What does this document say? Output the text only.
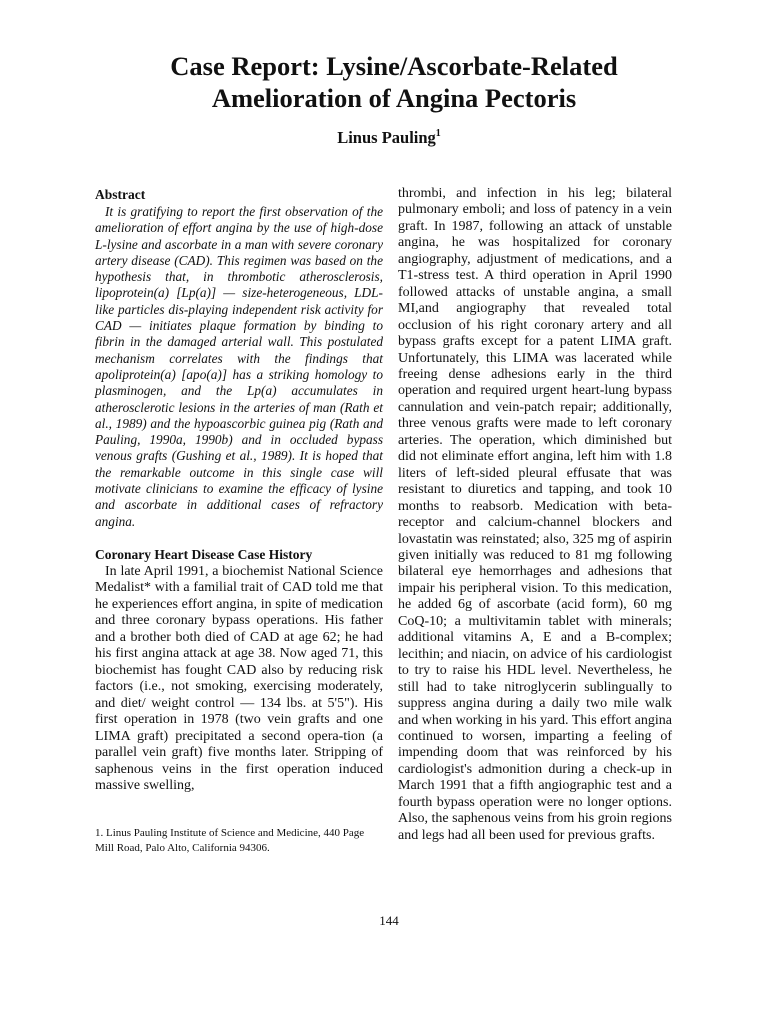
Case Report: Lysine/Ascorbate-Related
Amelioration of Angina Pectoris

Linus Pauling$^1$

Abstract

It is gratifying to report the first observation of the amelioration of effort angina by the use of high-dose L-lysine and ascorbate in a man with severe coronary artery disease (CAD). This regimen was based on the hypothesis that, in thrombotic atherosclerosis, lipoprotein(a) [Lp(a)] — size-heterogeneous, LDL-like particles dis-playing independent risk activity for CAD — initiates plaque formation by binding to fibrin in the damaged arterial wall. This postulated mechanism correlates with the findings that apoliprotein(a) [apo(a)] has a striking homology to plasminogen, and the Lp(a) accumulates in atherosclerotic lesions in the arteries of man (Rath et al., 1989) and the hypoascorbic guinea pig (Rath and Pauling, 1990a, 1990b) and in occluded bypass venous grafts (Gushing et al., 1989). It is hoped that the remarkable outcome in this single case will motivate clinicians to examine the efficacy of lysine and ascorbate in additional cases of refractory angina.

Coronary Heart Disease Case History

In late April 1991, a biochemist National Science Medalist* with a familial trait of CAD told me that he experiences effort angina, in spite of medication and three coronary bypass operations. His father and a brother both died of CAD at age 62; he had his first angina attack at age 38. Now aged 71, this biochemist has fought CAD also by reducing risk factors (i.e., not smoking, exercising moderately, and diet/ weight control — 134 lbs. at 5'5"). His first operation in 1978 (two vein grafts and one LIMA graft) precipitated a second opera-tion (a parallel vein graft) five months later. Stripping of saphenous veins in the first operation induced massive swelling,

thrombi, and infection in his leg; bilateral pulmonary emboli; and loss of patency in a vein graft. In 1987, following an attack of unstable angina, he was hospitalized for coronary angiography, adjustment of medications, and a T1-stress test. A third operation in April 1990 followed attacks of unstable angina, a small MI,and angiography that revealed total occlusion of his right coronary artery and all bypass grafts except for a patent LIMA graft. Unfortunately, this LIMA was lacerated while freeing dense adhesions early in the third operation and required urgent heart-lung bypass cannulation and vein-patch repair; additionally, three venous grafts were made to left coronary arteries. The operation, which diminished but did not eliminate effort angina, left him with 1.8 liters of left-sided pleural effusate that was resistant to diuretics and tapping, and took 10 months to reabsorb. Medication with beta-receptor and calcium-channel blockers and lovastatin was reinstated; also, 325 mg of aspirin given initially was reduced to 81 mg following bilateral eye hemorrhages and adhesions that impair his peripheral vision. To this medication, he added 6g of ascorbate (acid form), 60 mg CoQ-10; a multivitamin tablet with minerals; additional vitamins A, E and a B-complex; lecithin; and niacin, on advice of his cardiologist to try to raise his HDL level. Nevertheless, he still had to take nitroglycerin sublingually to suppress angina during a daily two mile walk and when working in his yard. This effort angina continued to worsen, imparting a feeling of impending doom that was reinforced by his cardiologist's admonition during a check-up in March 1991 that a fifth angiographic test and a fourth bypass operation were no longer options. Also, the saphenous veins from his groin regions and legs had all been used for previous grafts.

1. Linus Pauling Institute of Science and Medicine, 440 Page Mill Road, Palo Alto, California 94306.

144
